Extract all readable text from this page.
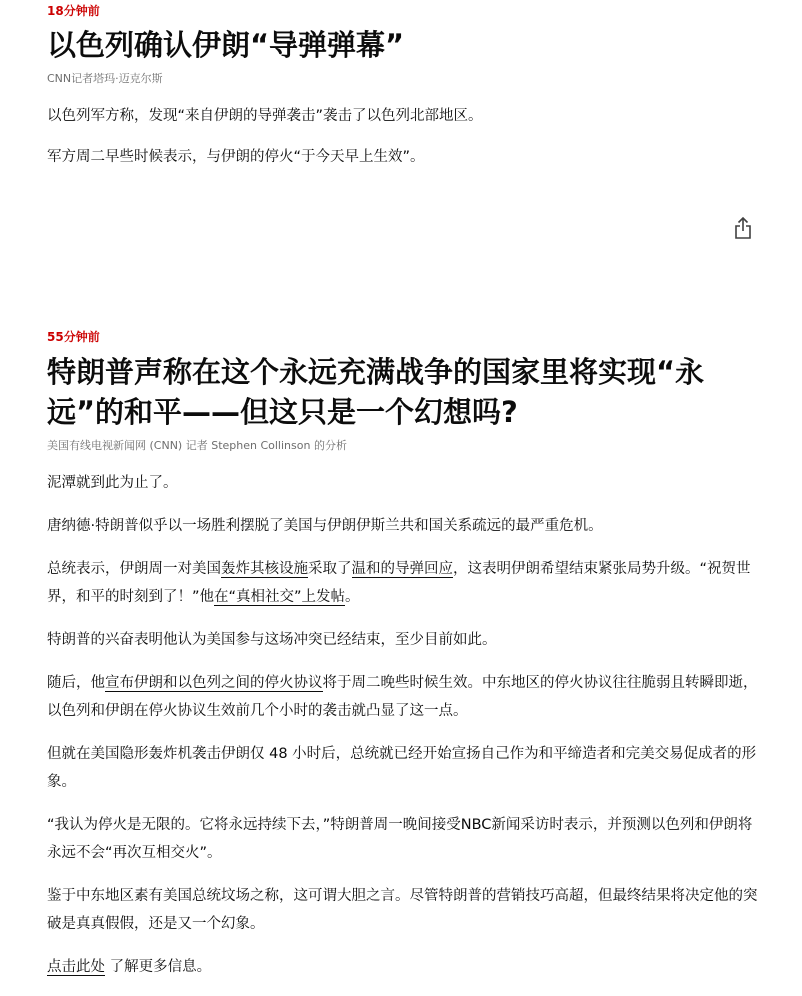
18分钟前
以色列确认伊朗“导弹弹幕”
CNN记者塔玛·迈克尔斯

以色列军方称，发现“来自伊朗的导弹袭击”袭击了以色列北部地区。

军方周二早些时候表示，与伊朗的停火“于今天早上生效”。

55分钟前
特朗普声称在这个永远充满战争的国家里将实现“永远”的和平——但这只是一个幻想吗?
美国有线电视新闻网 (CNN) 记者 Stephen Collinson 的分析

泥潭就到此为止了。

唐纳德·特朗普似乎以一场胜利摆脱了美国与伊朗伊斯兰共和国关系疏远的最严重危机。

总统表示，伊朗周一对美国轰炸其核设施采取了温和的导弹回应，这表明伊朗希望结束紧张局势升级。“祝贺世界，和平的时刻到了！”他在“真相社交”上发帖。

特朗普的兴奋表明他认为美国参与这场冲突已经结束，至少目前如此。

随后，他宣布伊朗和以色列之间的停火协议将于周二晚些时候生效。中东地区的停火协议往往脆弱且转瞬即逝，以色列和伊朗在停火协议生效前几个小时的袭击就凸显了这一点。

但就在美国隐形轰炸机袭击伊朗仅 48 小时后，总统就已经开始宣扬自己作为和平缔造者和完美交易促成者的形象。

“我认为停火是无限的。它将永远持续下去，”特朗普周一晚间接受NBC新闻采访时表示，并预测以色列和伊朗将永远不会“再次互相交火”。

鉴于中东地区素有美国总统坟场之称，这可谓大胆之言。尽管特朗普的营销技巧高超，但最终结果将决定他的突破是真真假假，还是又一个幻象。

点击此处 了解更多信息。
